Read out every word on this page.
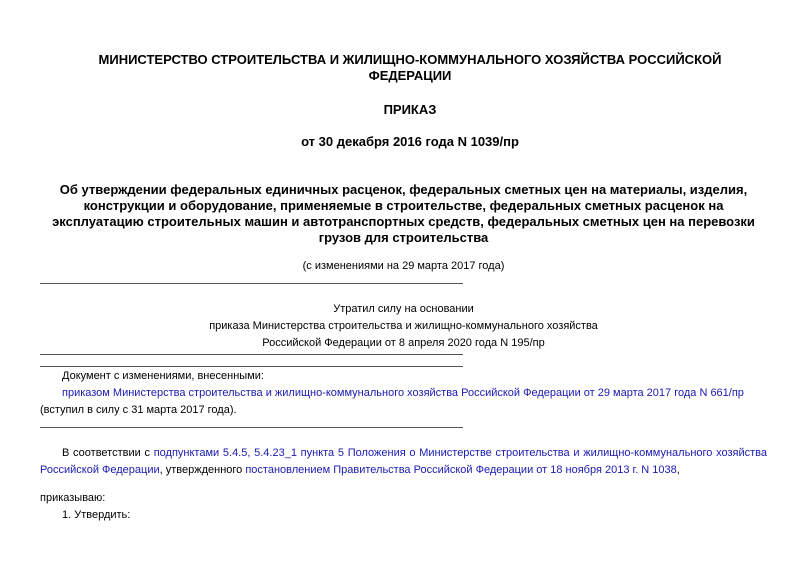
МИНИСТЕРСТВО СТРОИТЕЛЬСТВА И ЖИЛИЩНО-КОММУНАЛЬНОГО ХОЗЯЙСТВА РОССИЙСКОЙ ФЕДЕРАЦИИ
ПРИКАЗ
от 30 декабря 2016 года N 1039/пр
Об утверждении федеральных единичных расценок, федеральных сметных цен на материалы, изделия, конструкции и оборудование, применяемые в строительстве, федеральных сметных расценок на эксплуатацию строительных машин и автотранспортных средств, федеральных сметных цен на перевозки грузов для строительства
(с изменениями на 29 марта 2017 года)
Утратил силу на основании
приказа Министерства строительства и жилищно-коммунального хозяйства
Российской Федерации от 8 апреля 2020 года N 195/пр
Документ с изменениями, внесенными:
приказом Министерства строительства и жилищно-коммунального хозяйства Российской Федерации от 29 марта 2017 года N 661/пр
(вступил в силу с 31 марта 2017 года).
В соответствии с подпунктами 5.4.5, 5.4.23_1 пункта 5 Положения о Министерстве строительства и жилищно-коммунального хозяйства Российской Федерации, утвержденного постановлением Правительства Российской Федерации от 18 ноября 2013 г. N 1038,
приказываю:
1. Утвердить:
